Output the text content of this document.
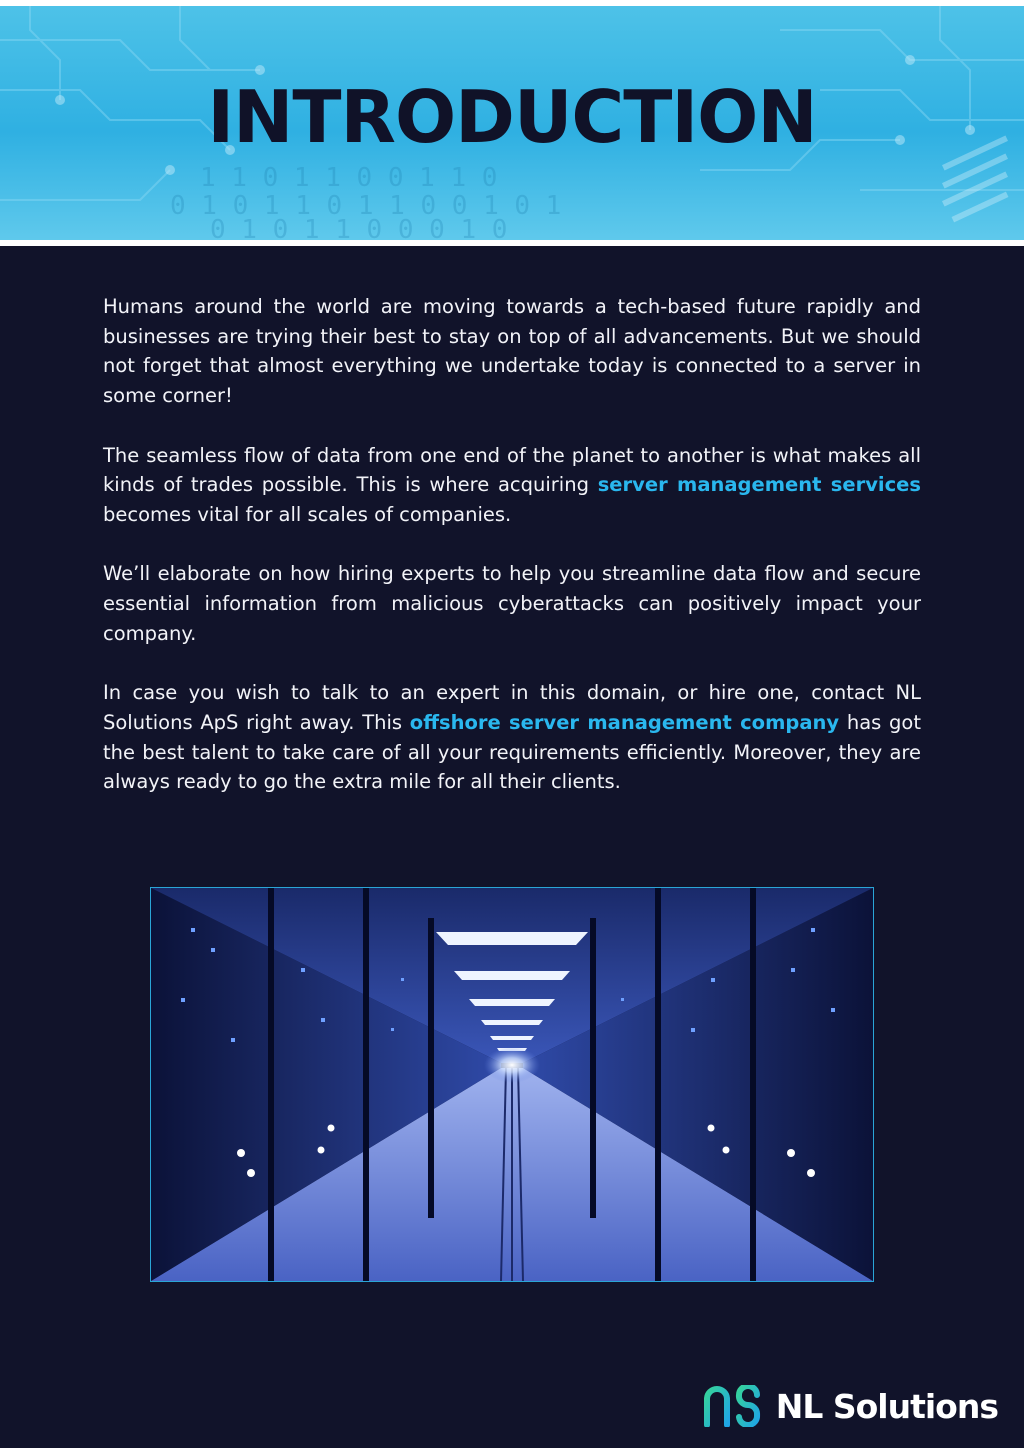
1 1 0 1 1 0 0 1 1 0
0 1 0 1 1 0 1 1 0 0 1 0 1
0 1 0 1 1 0 0 0 1 0
INTRODUCTION

Humans around the world are moving towards a tech-based future rapidly and businesses are trying their best to stay on top of all advancements. But we should not forget that almost everything we undertake today is connected to a server in some corner!

The seamless flow of data from one end of the planet to another is what makes all kinds of trades possible. This is where acquiring server management services becomes vital for all scales of companies.

We’ll elaborate on how hiring experts to help you streamline data flow and secure essential information from malicious cyberattacks can positively impact your company.

In case you wish to talk to an expert in this domain, or hire one, contact NL Solutions ApS right away. This offshore server management company has got the best talent to take care of all your requirements efficiently. Moreover, they are always ready to go the extra mile for all their clients.

NL Solutions
